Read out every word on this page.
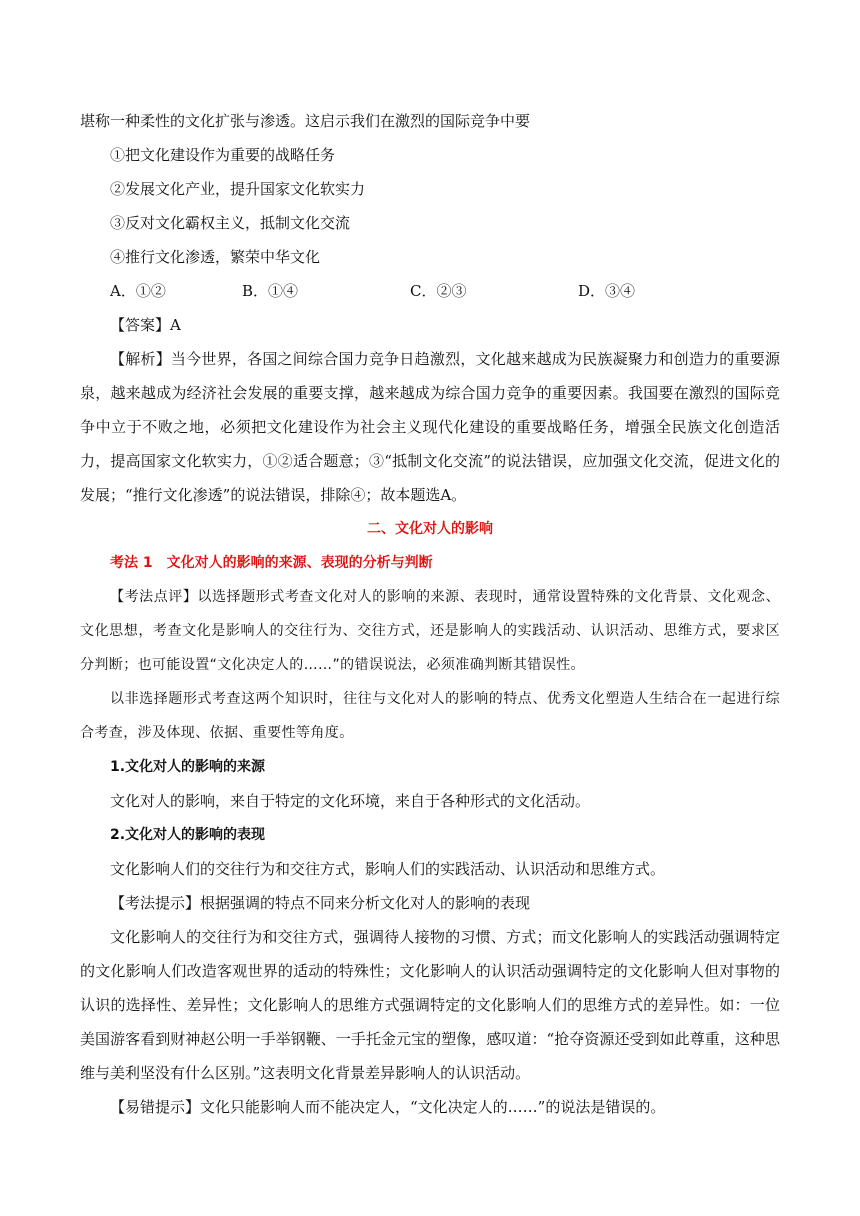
堪称一种柔性的文化扩张与渗透。这启示我们在激烈的国际竞争中要

①把文化建设作为重要的战略任务

②发展文化产业，提升国家文化软实力

③反对文化霸权主义，抵制文化交流

④推行文化渗透，繁荣中华文化

A．①②	B．①④	C．②③	D．③④

【答案】A

【解析】当今世界，各国之间综合国力竞争日趋激烈，文化越来越成为民族凝聚力和创造力的重要源泉，越来越成为经济社会发展的重要支撑，越来越成为综合国力竞争的重要因素。我国要在激烈的国际竞争中立于不败之地，必须把文化建设作为社会主义现代化建设的重要战略任务，增强全民族文化创造活力，提高国家文化软实力，①②适合题意；③“抵制文化交流”的说法错误，应加强文化交流，促进文化的发展；“推行文化渗透”的说法错误，排除④；故本题选A。

二、文化对人的影响

考法 1 文化对人的影响的来源、表现的分析与判断

【考法点评】以选择题形式考查文化对人的影响的来源、表现时，通常设置特殊的文化背景、文化观念、文化思想，考查文化是影响人的交往行为、交往方式，还是影响人的实践活动、认识活动、思维方式，要求区分判断；也可能设置“文化决定人的……”的错误说法，必须准确判断其错误性。

以非选择题形式考查这两个知识时，往往与文化对人的影响的特点、优秀文化塑造人生结合在一起进行综合考查，涉及体现、依据、重要性等角度。

1.文化对人的影响的来源

文化对人的影响，来自于特定的文化环境，来自于各种形式的文化活动。

2.文化对人的影响的表现

文化影响人们的交往行为和交往方式，影响人们的实践活动、认识活动和思维方式。

【考法提示】根据强调的特点不同来分析文化对人的影响的表现

文化影响人的交往行为和交往方式，强调待人接物的习惯、方式；而文化影响人的实践活动强调特定的文化影响人们改造客观世界的适动的特殊性；文化影响人的认识活动强调特定的文化影响人但对事物的认识的选择性、差异性；文化影响人的思维方式强调特定的文化影响人们的思维方式的差异性。如：一位美国游客看到财神赵公明一手举钢鞭、一手托金元宝的塑像，感叹道：“抢夺资源还受到如此尊重，这种思维与美利坚没有什么区别。”这表明文化背景差异影响人的认识活动。

【易错提示】文化只能影响人而不能决定人，“文化决定人的……”的说法是错误的。
